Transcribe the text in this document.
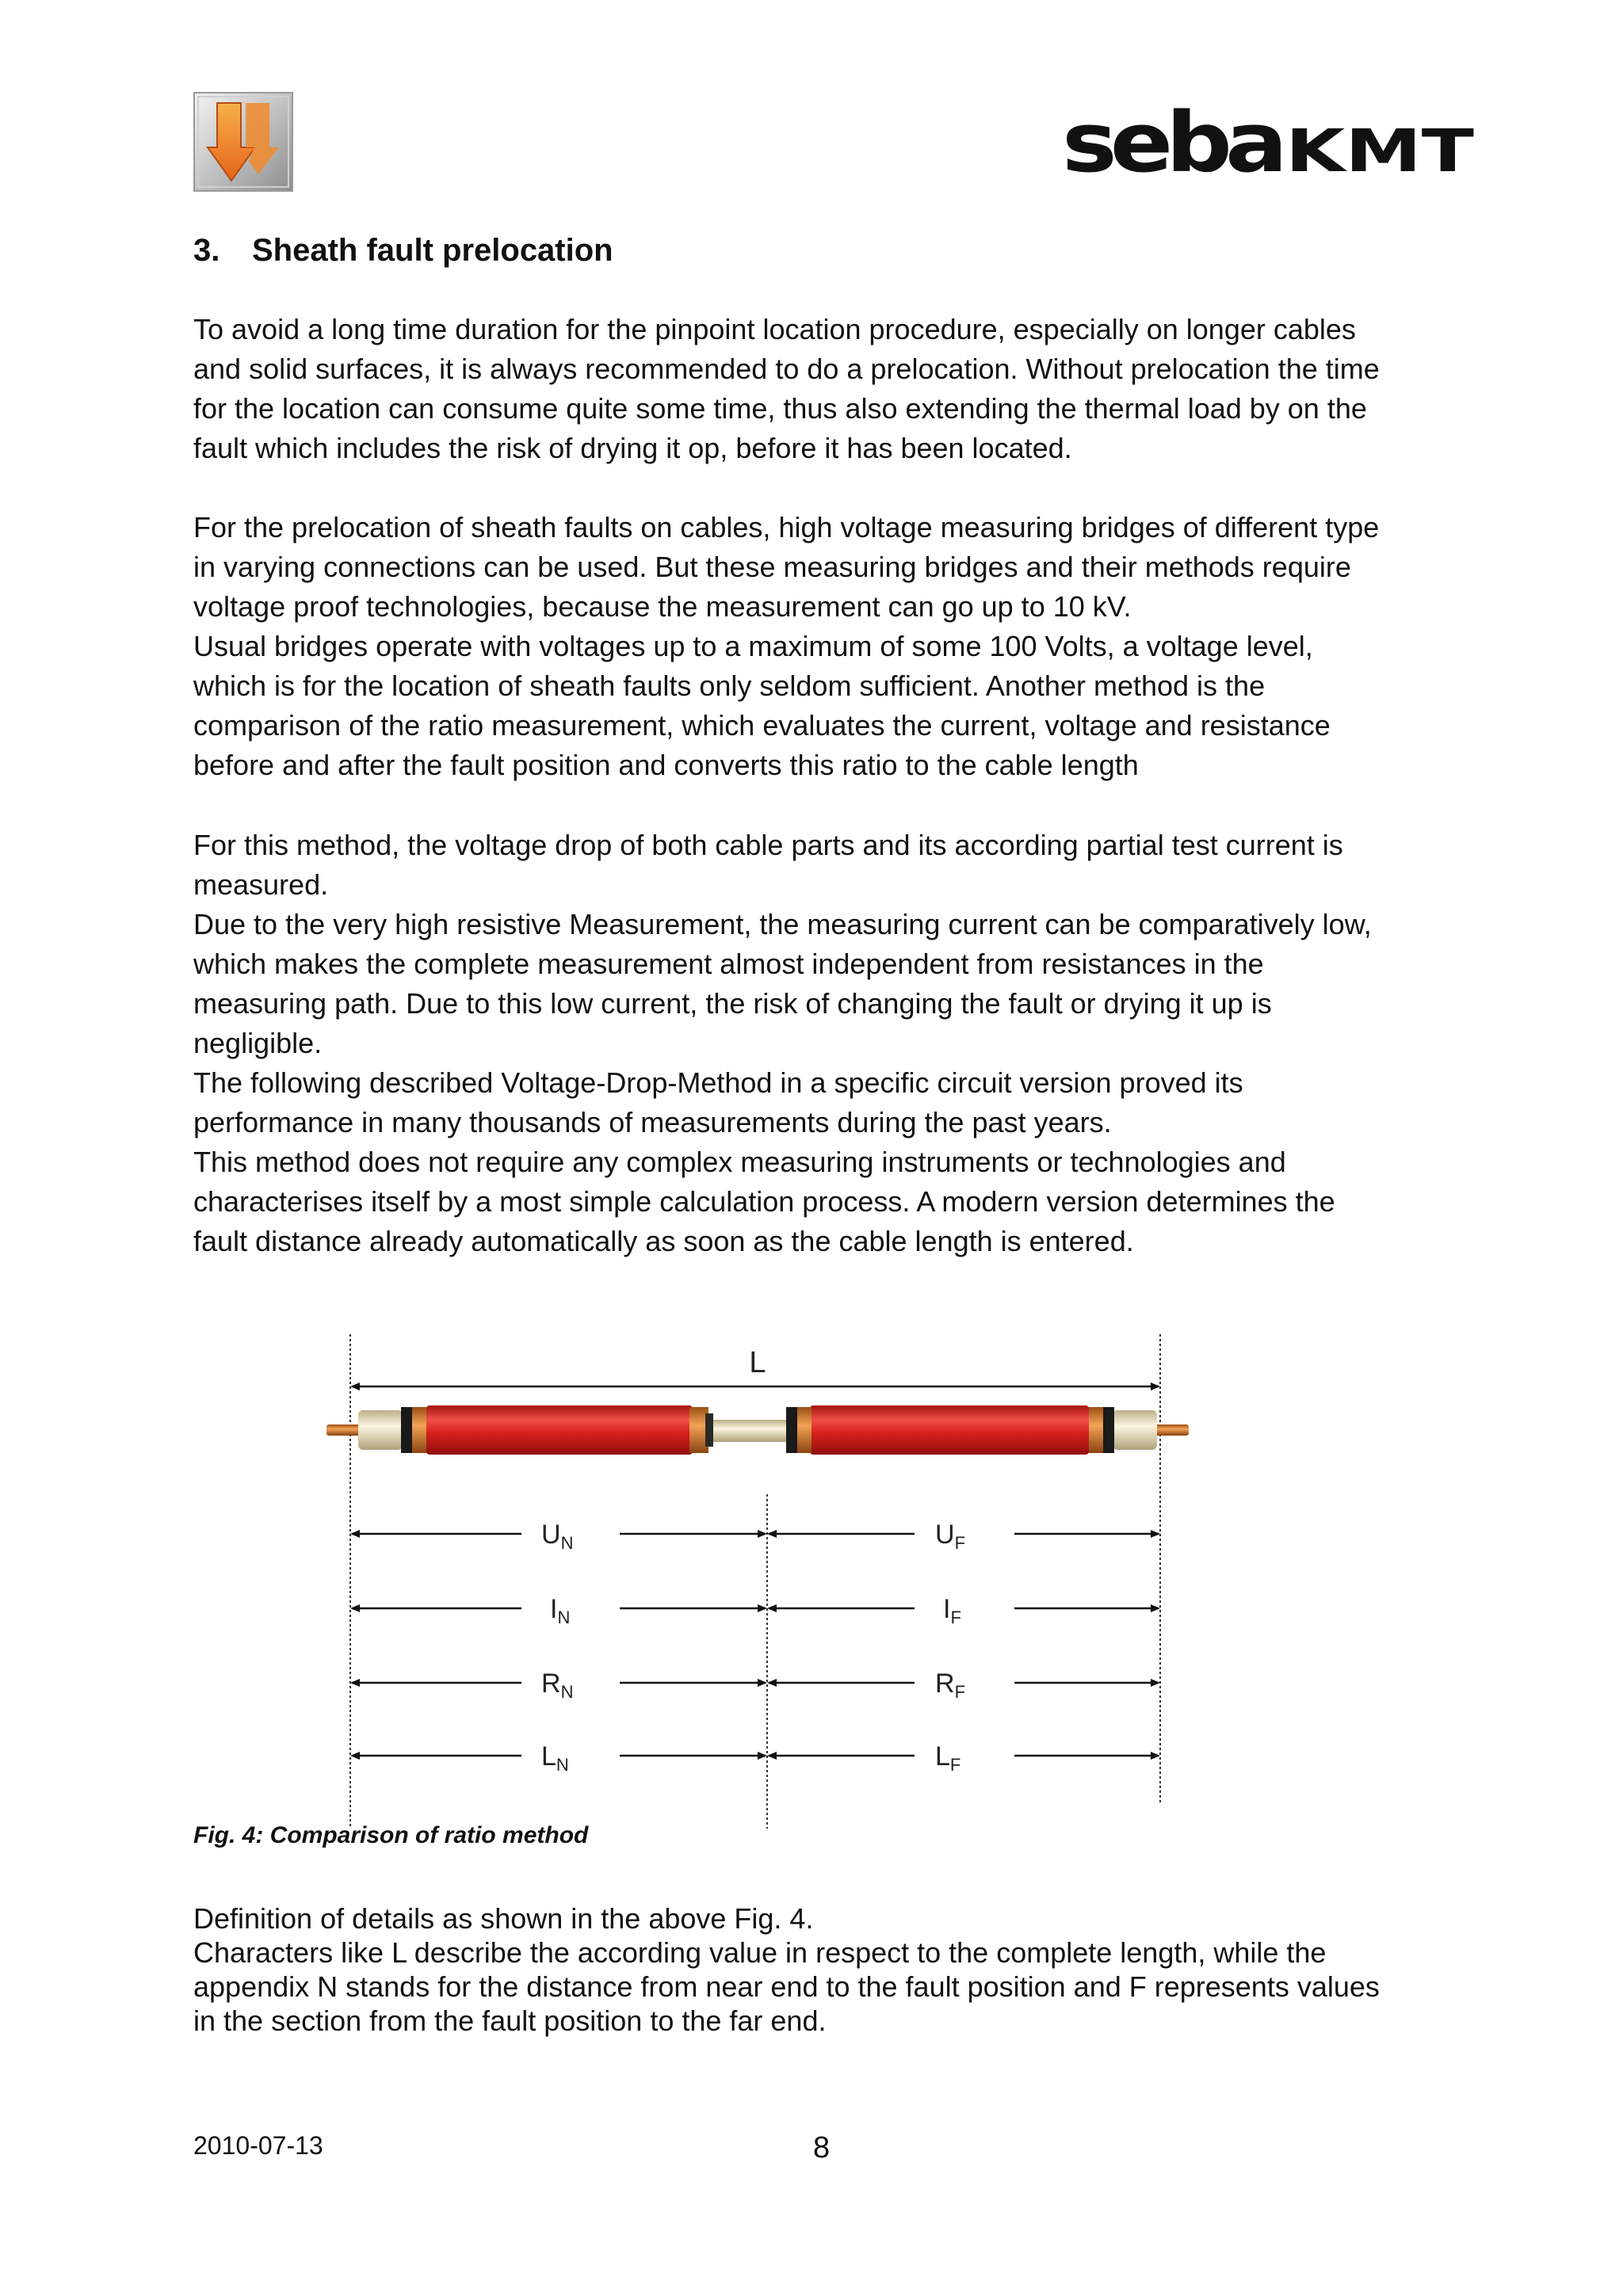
seba KMT
3. Sheath fault prelocation

To avoid a long time duration for the pinpoint location procedure, especially on longer cables
and solid surfaces, it is always recommended to do a prelocation. Without prelocation the time
for the location can consume quite some time, thus also extending the thermal load by on the
fault which includes the risk of drying it op, before it has been located.

For the prelocation of sheath faults on cables, high voltage measuring bridges of different type
in varying connections can be used. But these measuring bridges and their methods require
voltage proof technologies, because the measurement can go up to 10 kV.
Usual bridges operate with voltages up to a maximum of some 100 Volts, a voltage level,
which is for the location of sheath faults only seldom sufficient. Another method is the
comparison of the ratio measurement, which evaluates the current, voltage and resistance
before and after the fault position and converts this ratio to the cable length

For this method, the voltage drop of both cable parts and its according partial test current is
measured.
Due to the very high resistive Measurement, the measuring current can be comparatively low,
which makes the complete measurement almost independent from resistances in the
measuring path. Due to this low current, the risk of changing the fault or drying it up is
negligible.
The following described Voltage-Drop-Method in a specific circuit version proved its
performance in many thousands of measurements during the past years.
This method does not require any complex measuring instruments or technologies and
characterises itself by a most simple calculation process. A modern version determines the
fault distance already automatically as soon as the cable length is entered.

L
$U_N$	$U_F$
$I_N$	$I_F$
$R_N$	$R_F$
$L_N$	$L_F$

Fig. 4: Comparison of ratio method

Definition of details as shown in the above Fig. 4.
Characters like L describe the according value in respect to the complete length, while the
appendix N stands for the distance from near end to the fault position and F represents values
in the section from the fault position to the far end.

2010-07-13	8
